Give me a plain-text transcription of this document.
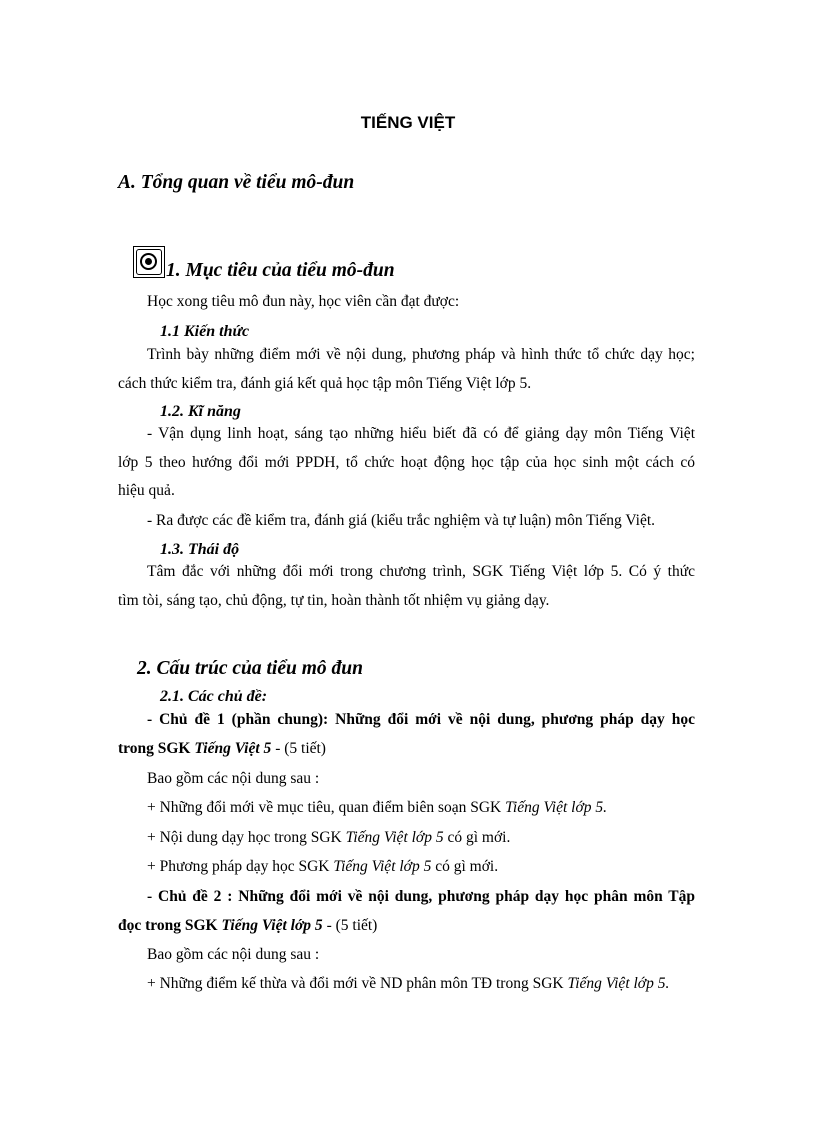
TIẾNG VIỆT
A. Tổng quan về tiểu mô-đun
1. Mục tiêu của tiểu mô-đun
Học xong tiêu mô đun này, học viên cần đạt được:
1.1 Kiến thức
Trình bày những điểm mới về nội dung, phương pháp và hình thức tổ chức dạy học;
cách thức kiểm tra, đánh giá kết quả học tập môn Tiếng Việt lớp 5.
1.2. Kĩ năng
- Vận dụng linh hoạt, sáng tạo những hiểu biết đã có để giảng dạy môn Tiếng Việt
lớp 5 theo hướng đổi mới PPDH, tổ chức hoạt động học tập của học sinh một cách có
hiệu quả.
- Ra được các đề kiểm tra, đánh giá (kiểu trắc nghiệm và tự luận) môn Tiếng Việt.
1.3. Thái độ
Tâm đắc với những đổi mới trong chương trình, SGK Tiếng Việt lớp 5. Có ý thức
tìm tòi, sáng tạo, chủ động, tự tin, hoàn thành tốt nhiệm vụ giảng dạy.
2. Cấu trúc của tiểu mô đun
2.1. Các chủ đề:
- Chủ đề 1 (phần chung): Những đổi mới về nội dung, phương pháp dạy học
trong SGK Tiếng Việt 5 - (5 tiết)
Bao gồm các nội dung sau :
+ Những đổi mới về mục tiêu, quan điểm biên soạn SGK Tiếng Việt lớp 5.
+ Nội dung dạy học trong SGK Tiếng Việt lớp 5 có gì mới.
+ Phương pháp dạy học SGK Tiếng Việt lớp 5 có gì mới.
- Chủ đề 2 : Những đổi mới về nội dung, phương pháp dạy học phân môn Tập
đọc trong SGK Tiếng Việt lớp 5 - (5 tiết)
Bao gồm các nội dung sau :
+ Những điểm kế thừa và đổi mới về ND phân môn TĐ trong SGK Tiếng Việt lớp 5.
